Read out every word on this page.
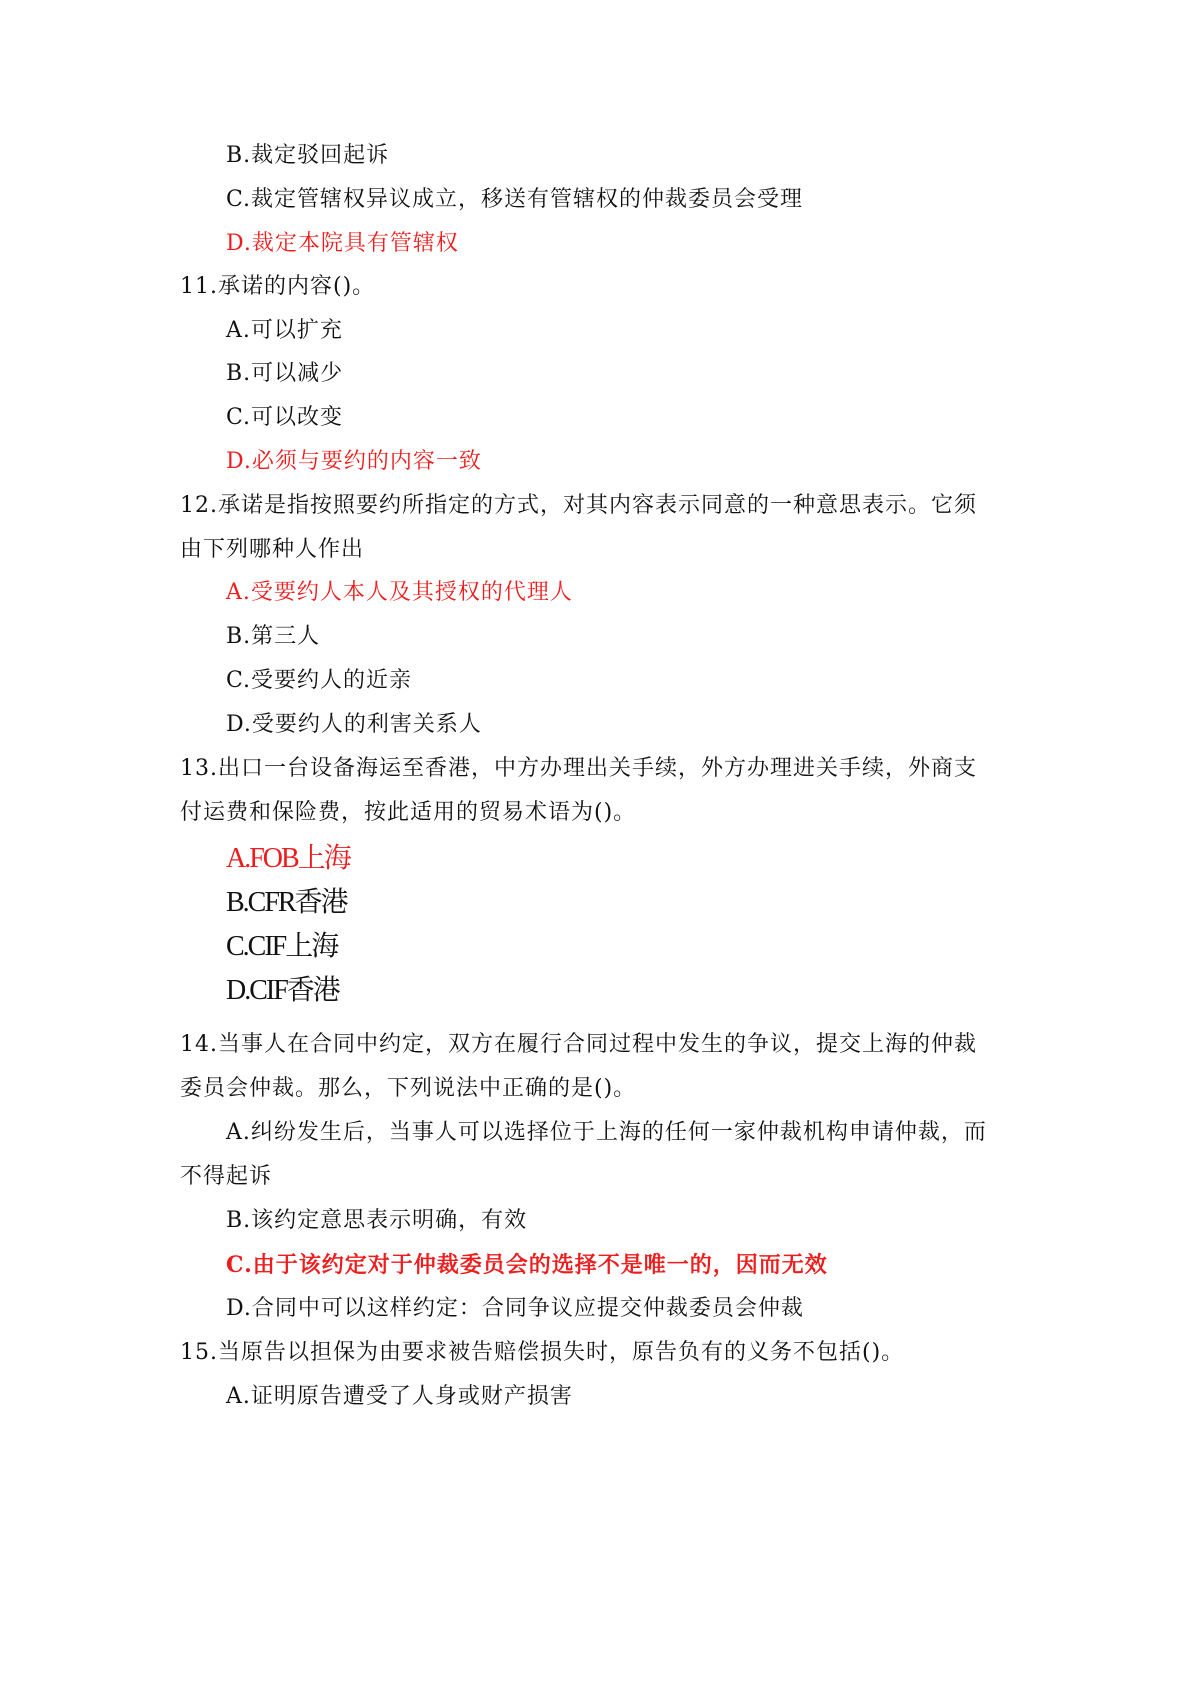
B.裁定驳回起诉
C.裁定管辖权异议成立，移送有管辖权的仲裁委员会受理
D.裁定本院具有管辖权
11.承诺的内容()。
A.可以扩充
B.可以减少
C.可以改变
D.必须与要约的内容一致
12.承诺是指按照要约所指定的方式，对其内容表示同意的一种意思表示。它须
由下列哪种人作出
A.受要约人本人及其授权的代理人
B.第三人
C.受要约人的近亲
D.受要约人的利害关系人
13.出口一台设备海运至香港，中方办理出关手续，外方办理进关手续，外商支
付运费和保险费，按此适用的贸易术语为()。
A.FOB上海
B.CFR香港
C.CIF上海
D.CIF香港
14.当事人在合同中约定，双方在履行合同过程中发生的争议，提交上海的仲裁
委员会仲裁。那么，下列说法中正确的是()。
A.纠纷发生后，当事人可以选择位于上海的任何一家仲裁机构申请仲裁，而
不得起诉
B.该约定意思表示明确，有效
C.由于该约定对于仲裁委员会的选择不是唯一的，因而无效
D.合同中可以这样约定：合同争议应提交仲裁委员会仲裁
15.当原告以担保为由要求被告赔偿损失时，原告负有的义务不包括()。
A.证明原告遭受了人身或财产损害
